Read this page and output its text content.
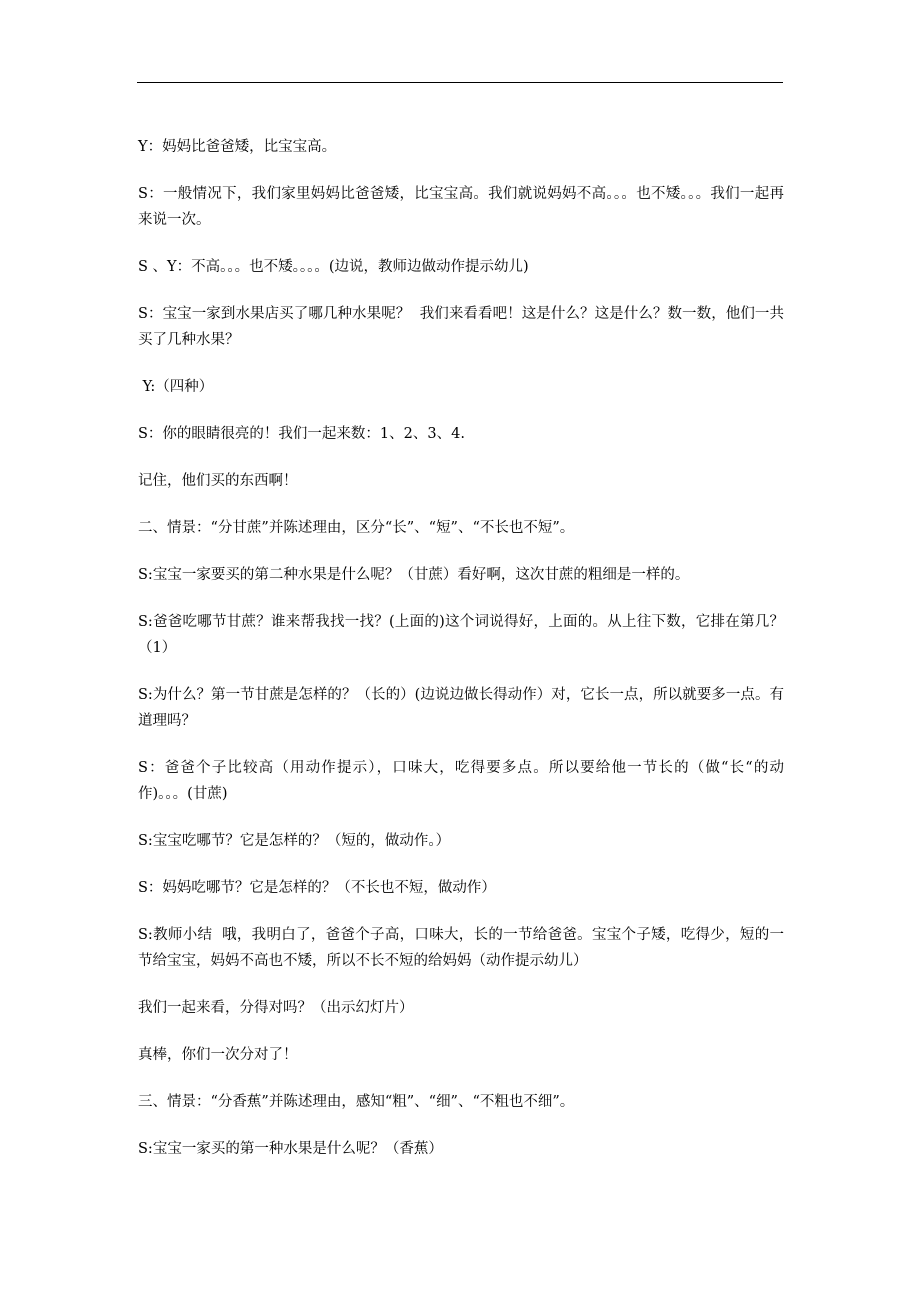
Y：妈妈比爸爸矮，比宝宝高。

S：一般情况下，我们家里妈妈比爸爸矮，比宝宝高。我们就说妈妈不高。。。也不矮。。。我们一起再来说一次。

S 、Y：不高。。。也不矮。。。。(边说，教师边做动作提示幼儿)

S：宝宝一家到水果店买了哪几种水果呢？  我们来看看吧！这是什么？这是什么？数一数，他们一共买了几种水果？

Y:（四种）

S：你的眼睛很亮的！我们一起来数：1、2、3、4.

记住，他们买的东西啊！

二、情景：“分甘蔗”并陈述理由，区分“长”、“短”、“不长也不短”。

S:宝宝一家要买的第二种水果是什么呢？（甘蔗）看好啊，这次甘蔗的粗细是一样的。

S:爸爸吃哪节甘蔗？谁来帮我找一找？(上面的)这个词说得好，上面的。从上往下数，它排在第几？（1）

S:为什么？第一节甘蔗是怎样的？（长的）(边说边做长得动作）对，它长一点，所以就要多一点。有道理吗？

S：爸爸个子比较高（用动作提示），口味大，吃得要多点。所以要给他一节长的（做“长“的动作)。。。(甘蔗)

S:宝宝吃哪节？它是怎样的？（短的，做动作。）

S：妈妈吃哪节？它是怎样的？（不长也不短，做动作）

S:教师小结  哦，我明白了，爸爸个子高，口味大，长的一节给爸爸。宝宝个子矮，吃得少，短的一节给宝宝，妈妈不高也不矮，所以不长不短的给妈妈（动作提示幼儿）

我们一起来看，分得对吗？（出示幻灯片）

真棒，你们一次分对了！

三、情景：“分香蕉”并陈述理由，感知“粗”、“细”、“不粗也不细”。

S:宝宝一家买的第一种水果是什么呢？（香蕉）
